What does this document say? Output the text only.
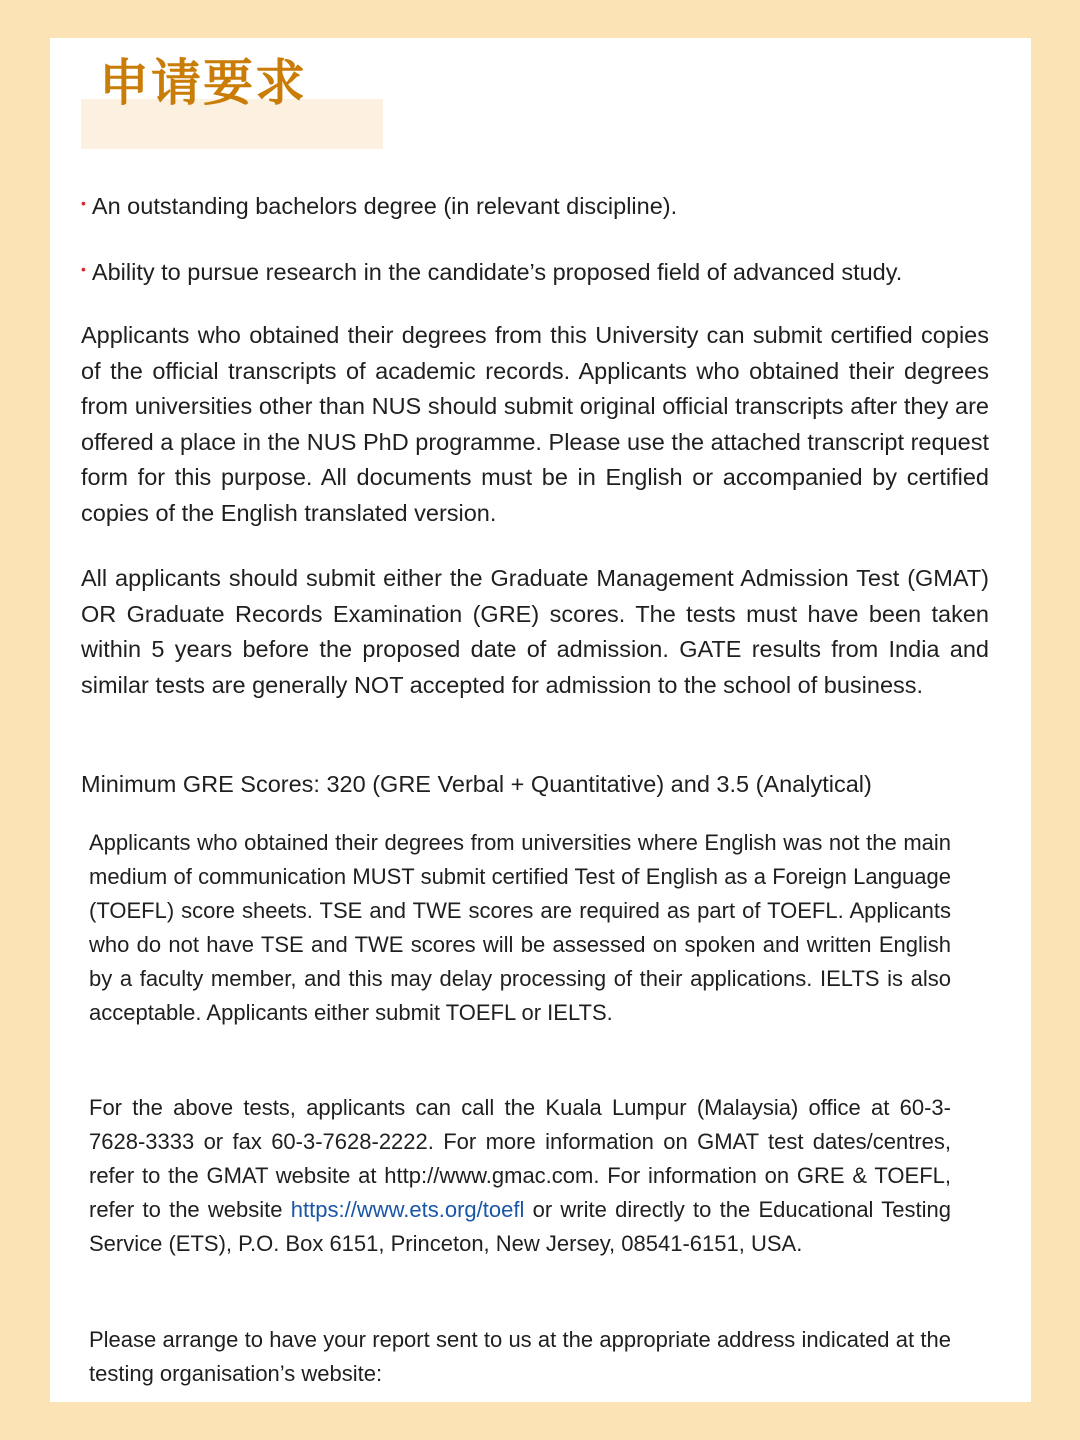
申请要求

• An outstanding bachelors degree (in relevant discipline).

• Ability to pursue research in the candidate’s proposed field of advanced study.

Applicants who obtained their degrees from this University can submit certified copies of the official transcripts of academic records. Applicants who obtained their degrees from universities other than NUS should submit original official transcripts after they are offered a place in the NUS PhD programme. Please use the attached transcript request form for this purpose. All documents must be in English or accompanied by certified copies of the English translated version.

All applicants should submit either the Graduate Management Admission Test (GMAT) OR Graduate Records Examination (GRE) scores. The tests must have been taken within 5 years before the proposed date of admission. GATE results from India and similar tests are generally NOT accepted for admission to the school of business.

Minimum GRE Scores: 320 (GRE Verbal + Quantitative) and 3.5 (Analytical)

Applicants who obtained their degrees from universities where English was not the main medium of communication MUST submit certified Test of English as a Foreign Language (TOEFL) score sheets. TSE and TWE scores are required as part of TOEFL. Applicants who do not have TSE and TWE scores will be assessed on spoken and written English by a faculty member, and this may delay processing of their applications. IELTS is also acceptable. Applicants either submit TOEFL or IELTS.

For the above tests, applicants can call the Kuala Lumpur (Malaysia) office at 60-3-7628-3333 or fax 60-3-7628-2222. For more information on GMAT test dates/centres, refer to the GMAT website at http://www.gmac.com. For information on GRE & TOEFL, refer to the website https://www.ets.org/toefl or write directly to the Educational Testing Service (ETS), P.O. Box 6151, Princeton, New Jersey, 08541-6151, USA.

Please arrange to have your report sent to us at the appropriate address indicated at the testing organisation’s website:
